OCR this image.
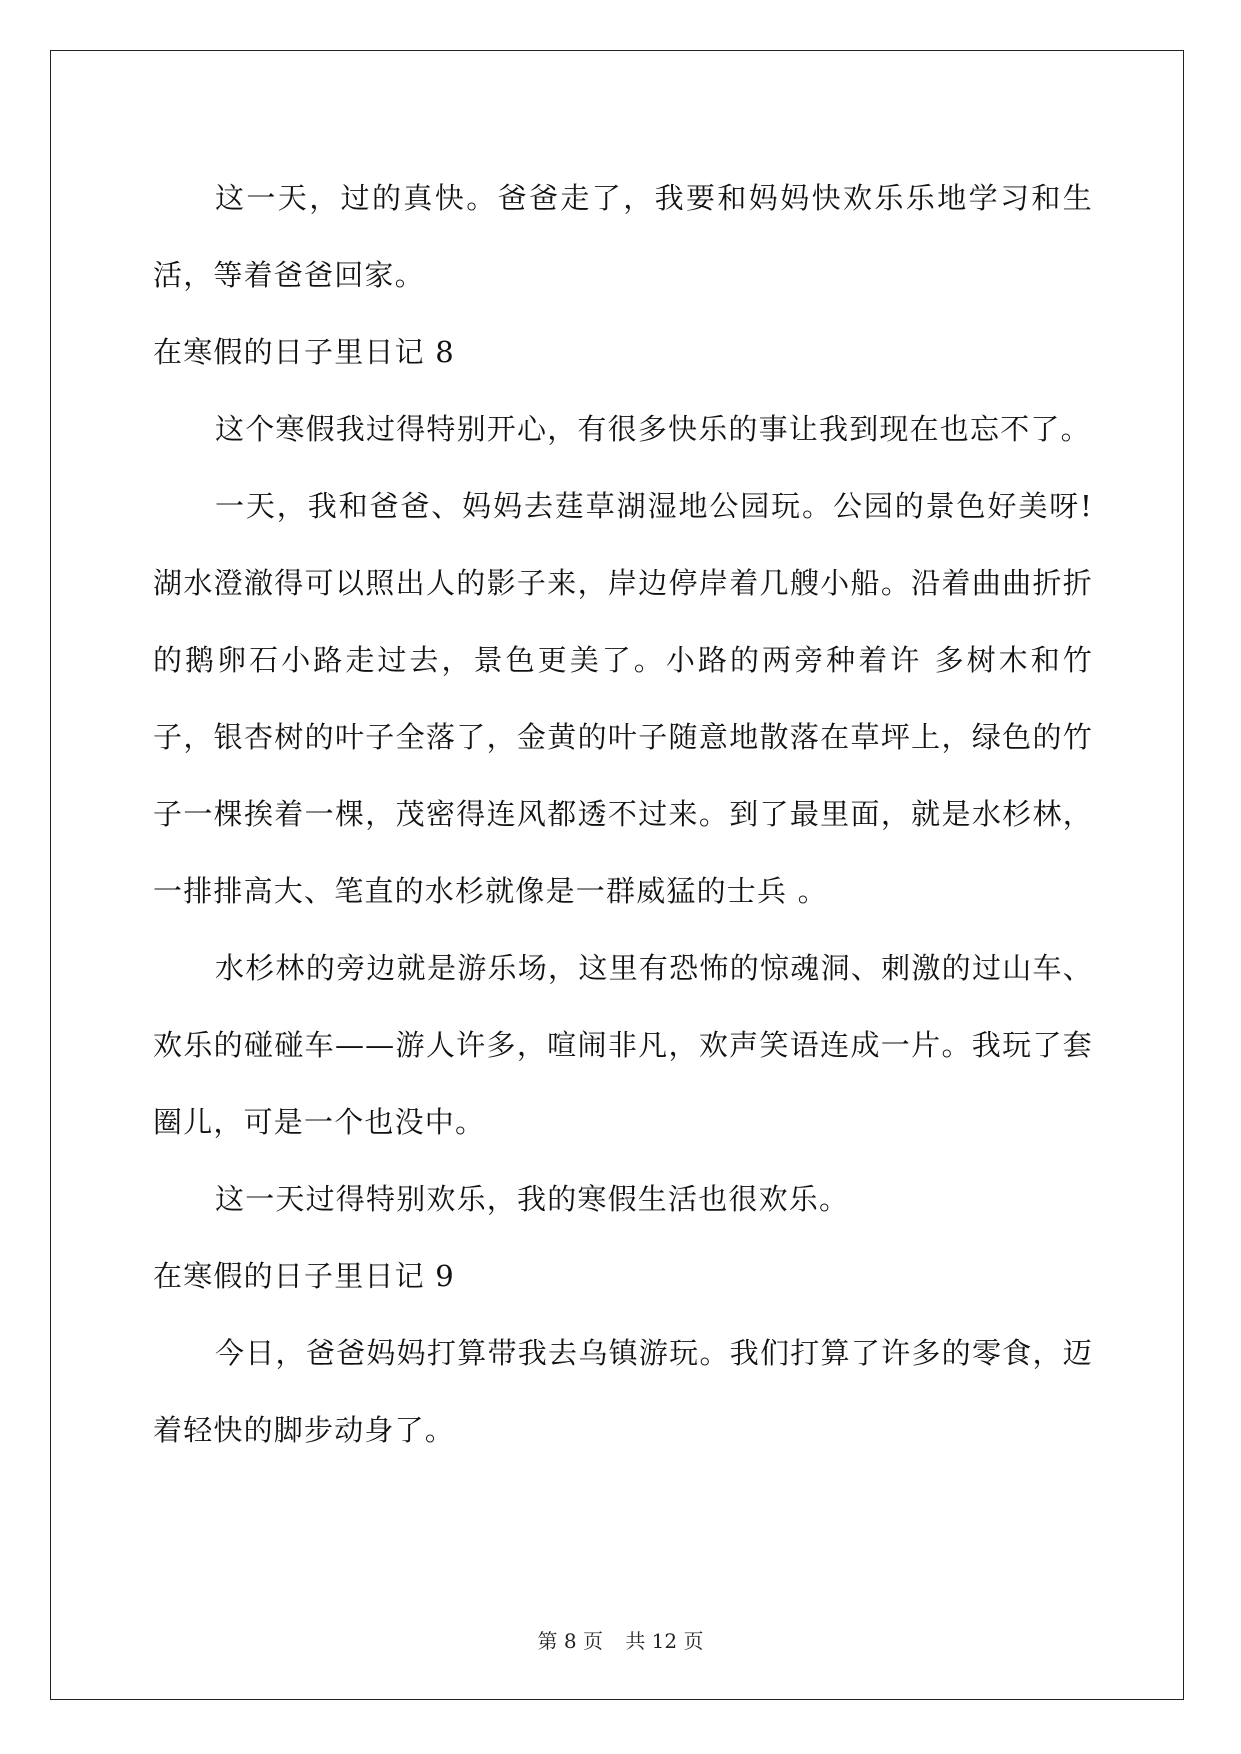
这一天，过的真快。爸爸走了，我要和妈妈快欢乐乐地学习和生活，等着爸爸回家。

在寒假的日子里日记 8

这个寒假我过得特别开心，有很多快乐的事让我到现在也忘不了。

一天，我和爸爸、妈妈去莛草湖湿地公园玩。公园的景色好美呀!湖水澄澈得可以照出人的影子来，岸边停岸着几艘小船。沿着曲曲折折的鹅卵石小路走过去，景色更美了。小路的两旁种着许 多树木和竹子，银杏树的叶子全落了，金黄的叶子随意地散落在草坪上，绿色的竹子一棵挨着一棵，茂密得连风都透不过来。到了最里面，就是水杉林，一排排高大、笔直的水杉就像是一群威猛的士兵 。

水杉林的旁边就是游乐场，这里有恐怖的惊魂洞、刺激的过山车、欢乐的碰碰车——游人许多，喧闹非凡，欢声笑语连成一片。我玩了套圈儿，可是一个也没中。

这一天过得特别欢乐，我的寒假生活也很欢乐。

在寒假的日子里日记 9

今日，爸爸妈妈打算带我去乌镇游玩。我们打算了许多的零食，迈着轻快的脚步动身了。

第 8 页 共 12 页
